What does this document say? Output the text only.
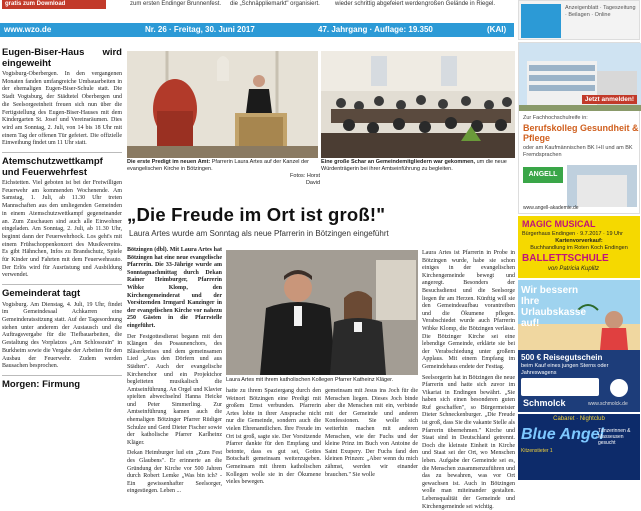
gratis zum Download	zum ersten Endinger Brunnenfest. die „Schnäppliemarkt" organisiert.	wieder schrittig abgefeiert werden.
großen Gelände in Riegel.
www.wzo.de	Nr. 26 · Freitag, 30. Juni 2017	47. Jahrgang · Auflage: 19.350	(KAI)
Eugen-Biser-Haus wird eingeweiht

Vogtsburg-Oberbergen. In den vergangenen Monaten fanden umfangreiche Umbauarbeiten in der ehemaligen Eugen-Biser-Schule statt. Die Stadt Vogtsburg, der Städtetel Oberbergen und die Seelsorgeeinheit freuen sich nun über die Fertigstellung des Eugen-Biser-Hauses mit dem Kindergarten St. Josef und Vereinsräumen. Dies wird am Sonntag, 2. Juli, von 14 bis 18 Uhr mit einem Tag der offenen Tür gefeiert. Die offizielle Einweihung findet um 11 Uhr statt.

Atemschutzwettkampf und Feuerwehrfest

Eichstetten. Viel geboten ist bei der Freiwilligen Feuerwehr am kommenden Wochenende. Am Samstag, 1. Juli, ab 11.30 Uhr treten Mannschaften aus den umliegenden Gemeinden in einem Atemschutzwettkampf gegeneinander an. Zum Zuschauen sind auch alle Einwohner eingeladen. Am Sonntag, 2. Juli, ab 11.30 Uhr, beginnt dann der Feuerwehrhock. Los geht's mit einem Frühschoppenkonzert des Musikvereins. Es gibt Hähnchen, Infos zu Brandschutz, Spiele für Kinder und Fahrten mit dem Feuerwehrauto. Der Erlös wird für Ausrüstung und Ausbildung verwendet.

Gemeinderat tagt

Vogtsburg. Am Dienstag, 4. Juli, 19 Uhr, findet im Gemeindesaal Achkarren eine Gemeinderatssitzung statt. Auf der Tagesordnung stehen unter anderem der Austausch und die Auftragsvergabe für die Tiefbauarbeiten, die Gestaltung des Vorplatzes „Am Schlossrain" in Burkheim sowie die Vergabe der Arbeiten für den Ausbau der Feuerwehr. Zudem werden Bausachen besprochen.

Morgen: Firmung
Die erste Predigt im neuen Amt: Pfarrerin Laura Artes auf der Kanzel der evangelischen Kirche in Bötzingen.
Fotos: Horst David
Eine große Schar an Gemeindemitgliedern war gekommen, um die neue Würdenträgerin bei ihrer Amtseinführung zu begleiten.
„Die Freude im Ort ist groß!"
Laura Artes wurde am Sonntag als neue Pfarrerin in Bötzingen eingeführt

Bötzingen (dbl). Mit Laura Artes hat Bötzingen hat eine neue evangelische Pfarrerin. Die 33-Jährige wurde am Sonntagnachmittag durch Dekan Rainer Heimburger, Pfarrerin Wibke Klomp, den Kirchengemeinderat und der Vorsitzenden Irmgard Kanzinger in der evangelischen Kirche vor nahezu 250 Gästen in die Pfarrstelle eingeführt.

Der Festgottesdienst begann mit den Klängen des Posaunenchors, des Bläserkreises und dem gemeinsamen Lied „Aus den Dörfern und aus Städten". Auch der evangelische Kirchenchor und ein Projektchor begleiteten musikalisch die Amtseinführung. An Orgel und Klavier spielten abwechselnd Hanna Heicke und Peter Simmerling. Zur Amtseinführung kamen auch die ehemaligen Bötzinger Pfarrer Rüdiger Schulze und Gerd Dieter Fischer sowie der katholische Pfarrer Karlheinz Kläger.

Dekan Heimburger lud ein „Zum Fest des Glaubens". Er erinnerte an die Gründung der Kirche vor 500 Jahren durch Robert Lemke „Was bin ich? - Ein gewissenhafter Seelsorger, eingestiegen. Leben ...

Laura Artes mit ihrem katholischen Kollegen Pfarrer Katheinz Kläger.
hatte zu ihrem Spaziergang durch den Weinort Bötzingen eine Predigt mit großem Ernst verbunden. Pfarrerin Artes lobte in ihrer Ansprache nicht nur die Gemeinde, sondern auch die vielen Ehrenamtlichen. Ihre Freude im Ort ist groß, sagte sie. Der Vorsitzende Pfarrer dankte für den Empfang und betonte, dass es gut sei, Gottes Botschaft gemeinsam weiterzugeben. Gemeinsam mit ihrem katholischen Kollegen wolle sie in der Ökumene vieles bewegen.
gemeinsam mit Jesus ins Joch für die Menschen liegen. Dieses Joch binde aber die Menschen mit ein, verbinde mit der Gemeinde und anderen Konfessionen. Sie wolle sich weiterhin machen mit anderen Menschen, wie der Fuchs und der kleine Prinz im Buch von Antoine de Saint Exupery. Der Fuchs fand den kleinen Prinzen: „Aber wenn du mich zähmst, werden wir einander brauchen." Sie wolle

Laura Artes ist Pfarrerin in Probe in Bötzingen wurde, habe sie schon einiges in der evangelischen Kirchengemeinde bewegt und angeregt. Besonders der Besuchsdienst und die Seelsorge liegen ihr am Herzen. Künftig will sie den Gemeindeaufbau vorantreiben und die Ökumene pflegen. Verabschiedet wurde auch Pfarrerin Wibke Klomp, die Bötzingen verlässt. Die Bötzinger Kirche sei eine lebendige Gemeinde, erklärte sie bei der Verabschiedung unter großem Applaus. Mit einem Empfang im Gemeindehaus endete der Festtag.

Seelsorgerin hat in Bötzingen die neue Pfarrerin und hatte sich zuvor im Vikariat in Endingen bewährt. „Sie haben sich einen besonderen guten Ruf geschaffen", so Bürgermeister Dieter Schneckenburger. „Die Freude ist groß, dass Sie die vakante Stelle als Pfarrerin übernehmen." Kirche und Staat sind in Deutschland getrennt. Doch die kleinste Einheit in Kirche und Staat sei der Ort, wo Menschen leben. Aufgabe der Gemeinde sei es, die Menschen zusammenzuführen und das zu bewahren, was vor Ort gewachsen ist. Auch in Bötzingen wolle man miteinander gestalten. Lebensqualität der Gemeinde und Kirchengemeinde sei wichtig.

Anzeigenblatt · Tageszeitung · Beilagen · Online
Jetzt anmelden!
Zur Fachhochschulreife in:
Berufskolleg Gesundheit & Pflege
oder am Kaufmännischen BK I+II und am BK Fremdsprachen
ANGELL
www.angell-akademie.de
MAGIC MUSICAL
Bürgerhaus Endingen · 9.7.2017 · 19 Uhr
Kartenvorverkauf:
Buchhandlung im Roten Koch Endingen
BALLETTSCHULE
von Patricia Kuplitz
Wir bessern Ihre Urlaubskasse auf!
500 € Reisegutschein
beim Kauf eines jungen Sterns oder Jahreswagens
Schmolck	www.schmolck.de
Cabaret · Nightclub
Blue Angel
Tänzerinnen & Masseusen gesucht
Kitzenstieter 1
